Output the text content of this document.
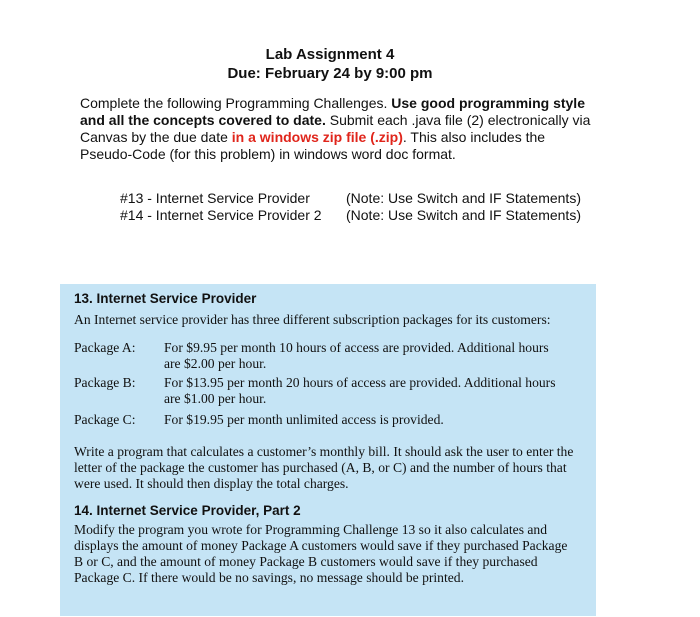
Lab Assignment 4
Due: February 24 by 9:00 pm
Complete the following Programming Challenges. Use good programming style and all the concepts covered to date. Submit each .java file (2) electronically via Canvas by the due date in a windows zip file (.zip). This also includes the Pseudo-Code (for this problem) in windows word doc format.
#13 - Internet Service Provider	(Note: Use Switch and IF Statements)
#14 - Internet Service Provider 2	(Note: Use Switch and IF Statements)
13. Internet Service Provider
An Internet service provider has three different subscription packages for its customers:
Package A:	For $9.95 per month 10 hours of access are provided. Additional hours are $2.00 per hour.
Package B:	For $13.95 per month 20 hours of access are provided. Additional hours are $1.00 per hour.
Package C:	For $19.95 per month unlimited access is provided.
Write a program that calculates a customer’s monthly bill. It should ask the user to enter the letter of the package the customer has purchased (A, B, or C) and the number of hours that were used. It should then display the total charges.
14. Internet Service Provider, Part 2
Modify the program you wrote for Programming Challenge 13 so it also calculates and displays the amount of money Package A customers would save if they purchased Package B or C, and the amount of money Package B customers would save if they purchased Package C. If there would be no savings, no message should be printed.
